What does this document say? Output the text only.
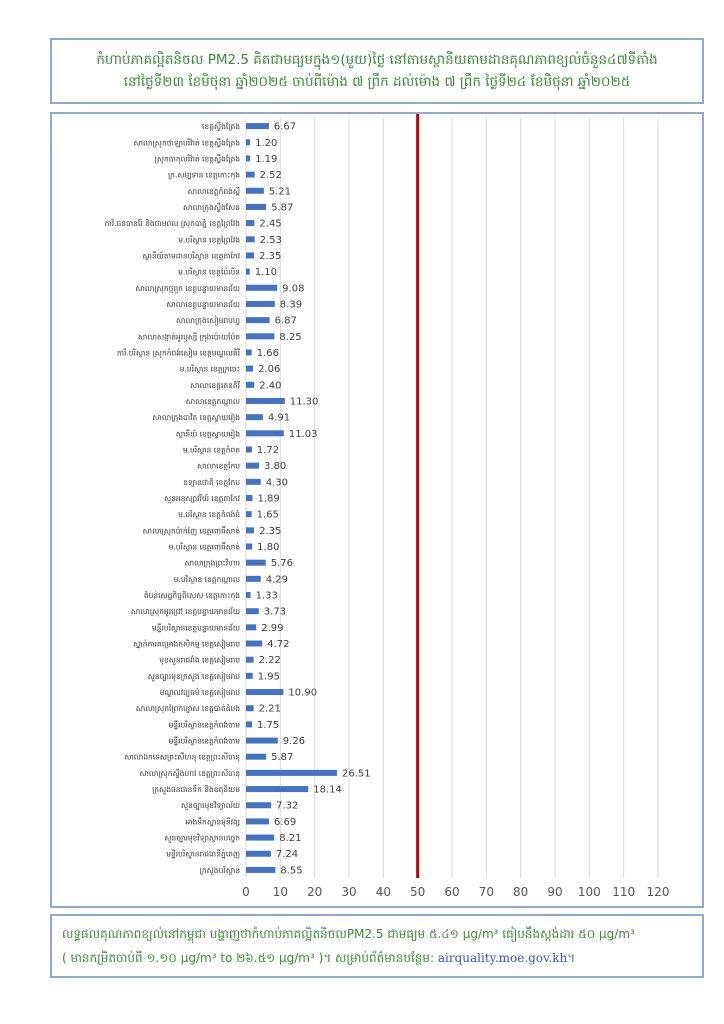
កំហាប់ភាគល្អិតនិចល PM2.5 គិតជាមធ្យមក្នុង១(មួយ)ថ្ងៃ នៅតាមស្ថានីយតាមដានគុណភាពខ្យល់ចំនួន៤៧ទីតាំង
នៅថ្ងៃទី២៣ ខែមិថុនា ឆ្នាំ២០២៥ ចាប់ពីម៉ោង ៧ ព្រឹក ដល់ម៉ោង ៧ ព្រឹក ថ្ងៃទី២៤ ខែមិថុនា ឆ្នាំ២០២៥
0 10 20 30 40 50 60 70 80 90 100 110 120
ខេត្តស្ទឹងត្រែង	6.67
សាលាស្រុកថាឡាបរិវ៉ាត់ ខេត្តស្ទឹងត្រែង 1.20
ស្រុកបាកុលរិវ៉ាត់ ខេត្តស្ទឹងត្រែង 1.19
ក្រ.សម្បទាន ខេត្តកោះកុង 2.52
សាលាខេត្តកំពង់ស្ពឺ	5.21
សាលាក្រុងស្ទឹងសែន	5.87
ការិ.ធនធានរ៉ែ និងថាមពល ស្រុកបាភ្នំ ខេត្តព្រៃវែង 2.45
ម.បរិស្ថាន ខេត្តព្រៃវែង 2.53
ស្ថានីយ៍តាមដានបរិស្ថាន ខេត្តតាកែវ 2.35
ម.បរិស្ថាន ខេត្តប៉ៃលិន 1.10
សាលាស្រុកថ្មពួក ខេត្តបន្ទាយមានជ័យ	9.08
សាលាខេត្តបន្ទាយមានជ័យ	8.39
សាលាក្រុងសៀមរាបហ្វ	6.87
សាលាសង្កាត់អូរឫស្សី ក្រុងប៉ោយប៉ែត	8.25
ការិ.បរិស្ថាន ស្រុកកំពង់សៀម ខេត្តមណ្ឌលគិរី 1.66
ម.បរិស្ថាន ខេត្តក្រចេះ 2.06
សាលាខេត្តរតនគិរី 2.40
សាលាខេត្តកណ្ដាល	11.30
សាលាក្រុងបាវិត ខេត្តស្វាយរៀង	4.91
ស្ថានីយ៍ ខេត្តស្វាយរៀង	11.03
ម.បរិស្ថាន ខេត្តកំពត 1.72
សាលាខេត្តកែប 3.80
ឧទ្យានជាតិ ខេត្តកែប	4.30
សួនអនុស្សាវរីយ៍ ខេត្តតាកែវ 1.89
ម.បរិស្ថាន ខេត្តកំពង់ធំ 1.65
សាលាស្រុកប៉ាក់ញៃ ខេត្តពោធិ៍សាត់ 2.35
ម.បរិស្ថាន ខេត្តពោធិ៍សាត់ 1.80
សាលាក្រុងព្រះវិហារ	5.76
ម.បរិស្ថាន ខេត្តកណ្ដាល	4.29
តំបន់សេដ្ឋកិច្ចពិសេស ខេត្តកោះកុង 1.33
សាលាស្រុកអូរជ្រៅ ខេត្តបន្ទាយមានជ័យ 3.73
មន្ទីរបរិស្ថានខេត្តបន្ទាយមានជ័យ 2.99
ស្នាក់ការគម្រោងកសិកម្ម ខេត្តសៀមរាប	4.72
មុខសួនរាជវាំង ខេត្តសៀមរាប 2.22
សួនច្បារមុខក្រសួង ខេត្តសៀមរាប 1.95
មណ្ឌលវប្បធម៌ ខេត្តសៀមរាប	10.90
សាលាស្រុកព្រៃកប្បាស ខេត្តបាត់ដំបង 2.21
មន្ទីរបរិស្ថានខេត្តកំពង់ចាម 1.75
មន្ទីរបរិស្ថានខេត្តកំពង់ចាម	9.26
សាលាឯកទេសព្រះសីហនុ ខេត្តព្រះសីហនុ	5.87
សាលាស្រុកស្ទឹងហាវ ខេត្តព្រះសីហនុ	26.51
ក្រសួងធនធានទឹក និងឧតុនិយម	18.14
សួនច្បារមុខវិទ្យាល័យ	7.32
អាងទឹកស្ពានមុនីវង្ស	6.69
សួនច្បារមុខវិទ្យាស្ថានបច្ចេក	8.21
មន្ទីរបរិស្ថានរាជធានីភ្នំពេញ	7.24
ក្រសួងបរិស្ថាន	8.55
លទ្ធផលគុណភាពខ្យល់នៅកម្ពុជា បង្ហាញថាកំហាប់ភាគល្អិតនិចលPM2.5 ជាមធ្យម ៥.៤១ µg/m³ ធៀបនឹងស្តង់ដារ ៥០ µg/m³
( មានកម្រិតចាប់ពី ១.១០ µg/m³ to ២៦.៥១ µg/m³ )។ សម្រាប់ព័ត៌មានបន្ថែម: airquality.moe.gov.kh។
